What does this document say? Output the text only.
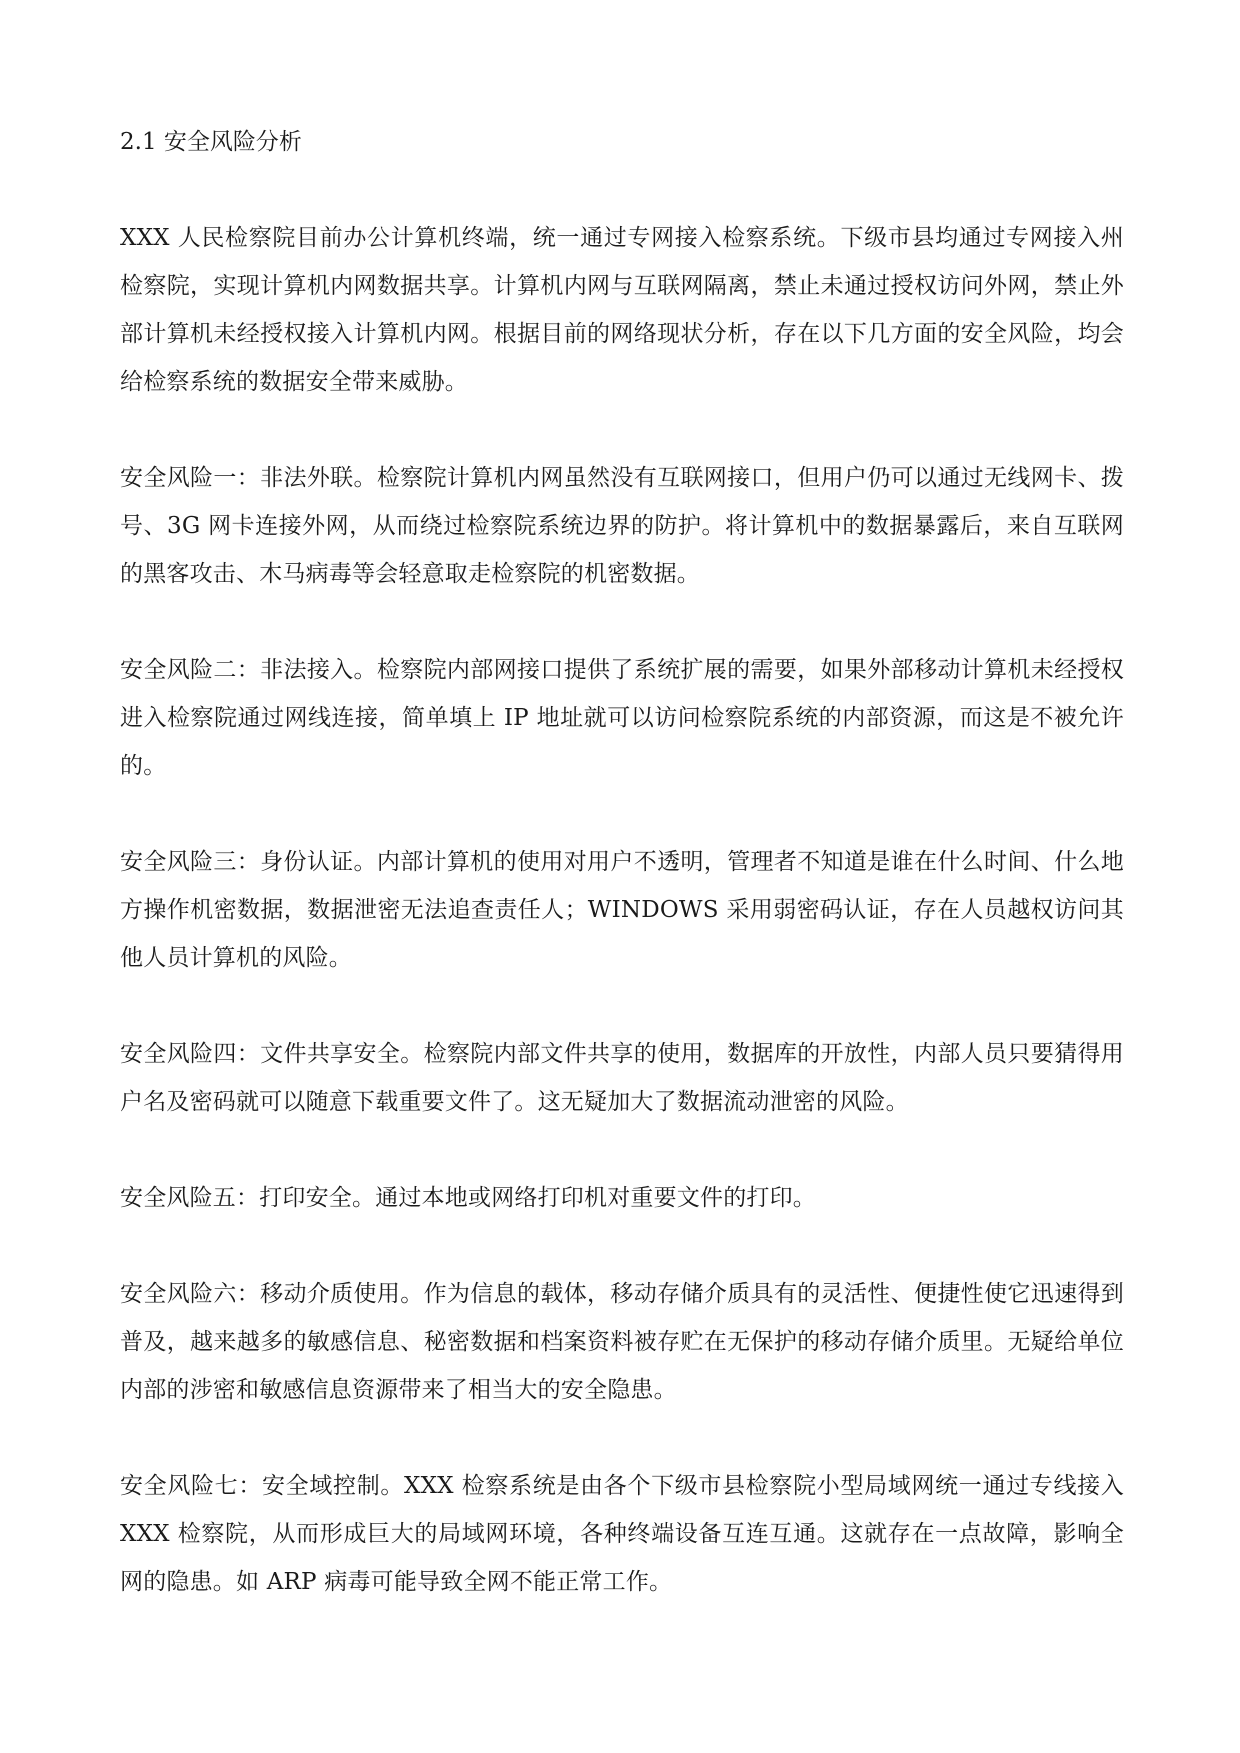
2.1 安全风险分析

XXX 人民检察院目前办公计算机终端，统一通过专网接入检察系统。下级市县均通过专网接入州检察院，实现计算机内网数据共享。计算机内网与互联网隔离，禁止未通过授权访问外网，禁止外部计算机未经授权接入计算机内网。根据目前的网络现状分析，存在以下几方面的安全风险，均会给检察系统的数据安全带来威胁。

安全风险一：非法外联。检察院计算机内网虽然没有互联网接口，但用户仍可以通过无线网卡、拨号、3G 网卡连接外网，从而绕过检察院系统边界的防护。将计算机中的数据暴露后，来自互联网的黑客攻击、木马病毒等会轻意取走检察院的机密数据。

安全风险二：非法接入。检察院内部网接口提供了系统扩展的需要，如果外部移动计算机未经授权进入检察院通过网线连接，简单填上 IP 地址就可以访问检察院系统的内部资源，而这是不被允许的。

安全风险三：身份认证。内部计算机的使用对用户不透明，管理者不知道是谁在什么时间、什么地方操作机密数据，数据泄密无法追查责任人；WINDOWS 采用弱密码认证，存在人员越权访问其他人员计算机的风险。

安全风险四：文件共享安全。检察院内部文件共享的使用，数据库的开放性，内部人员只要猜得用户名及密码就可以随意下载重要文件了。这无疑加大了数据流动泄密的风险。

安全风险五：打印安全。通过本地或网络打印机对重要文件的打印。

安全风险六：移动介质使用。作为信息的载体，移动存储介质具有的灵活性、便捷性使它迅速得到普及，越来越多的敏感信息、秘密数据和档案资料被存贮在无保护的移动存储介质里。无疑给单位内部的涉密和敏感信息资源带来了相当大的安全隐患。

安全风险七：安全域控制。XXX 检察系统是由各个下级市县检察院小型局域网统一通过专线接入 XXX 检察院，从而形成巨大的局域网环境，各种终端设备互连互通。这就存在一点故障，影响全网的隐患。如 ARP 病毒可能导致全网不能正常工作。
